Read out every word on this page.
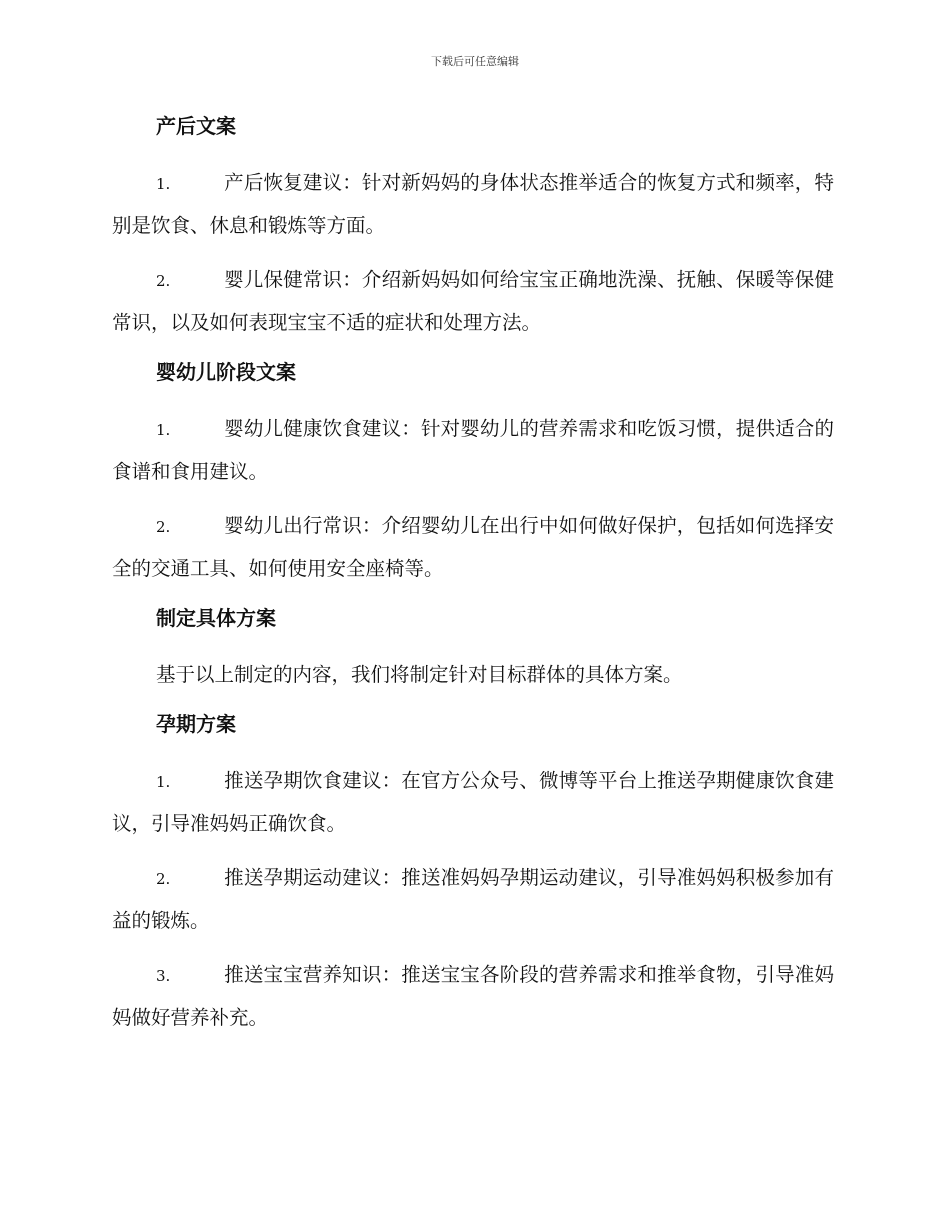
下载后可任意编辑
产后文案
1.	产后恢复建议：针对新妈妈的身体状态推举适合的恢复方式和频率，特别是饮食、休息和锻炼等方面。
2.	婴儿保健常识：介绍新妈妈如何给宝宝正确地洗澡、抚触、保暖等保健常识，以及如何表现宝宝不适的症状和处理方法。
婴幼儿阶段文案
1.	婴幼儿健康饮食建议：针对婴幼儿的营养需求和吃饭习惯，提供适合的食谱和食用建议。
2.	婴幼儿出行常识：介绍婴幼儿在出行中如何做好保护，包括如何选择安全的交通工具、如何使用安全座椅等。
制定具体方案
基于以上制定的内容，我们将制定针对目标群体的具体方案。
孕期方案
1.	推送孕期饮食建议：在官方公众号、微博等平台上推送孕期健康饮食建议，引导准妈妈正确饮食。
2.	推送孕期运动建议：推送准妈妈孕期运动建议，引导准妈妈积极参加有益的锻炼。
3.	推送宝宝营养知识：推送宝宝各阶段的营养需求和推举食物，引导准妈妈做好营养补充。
